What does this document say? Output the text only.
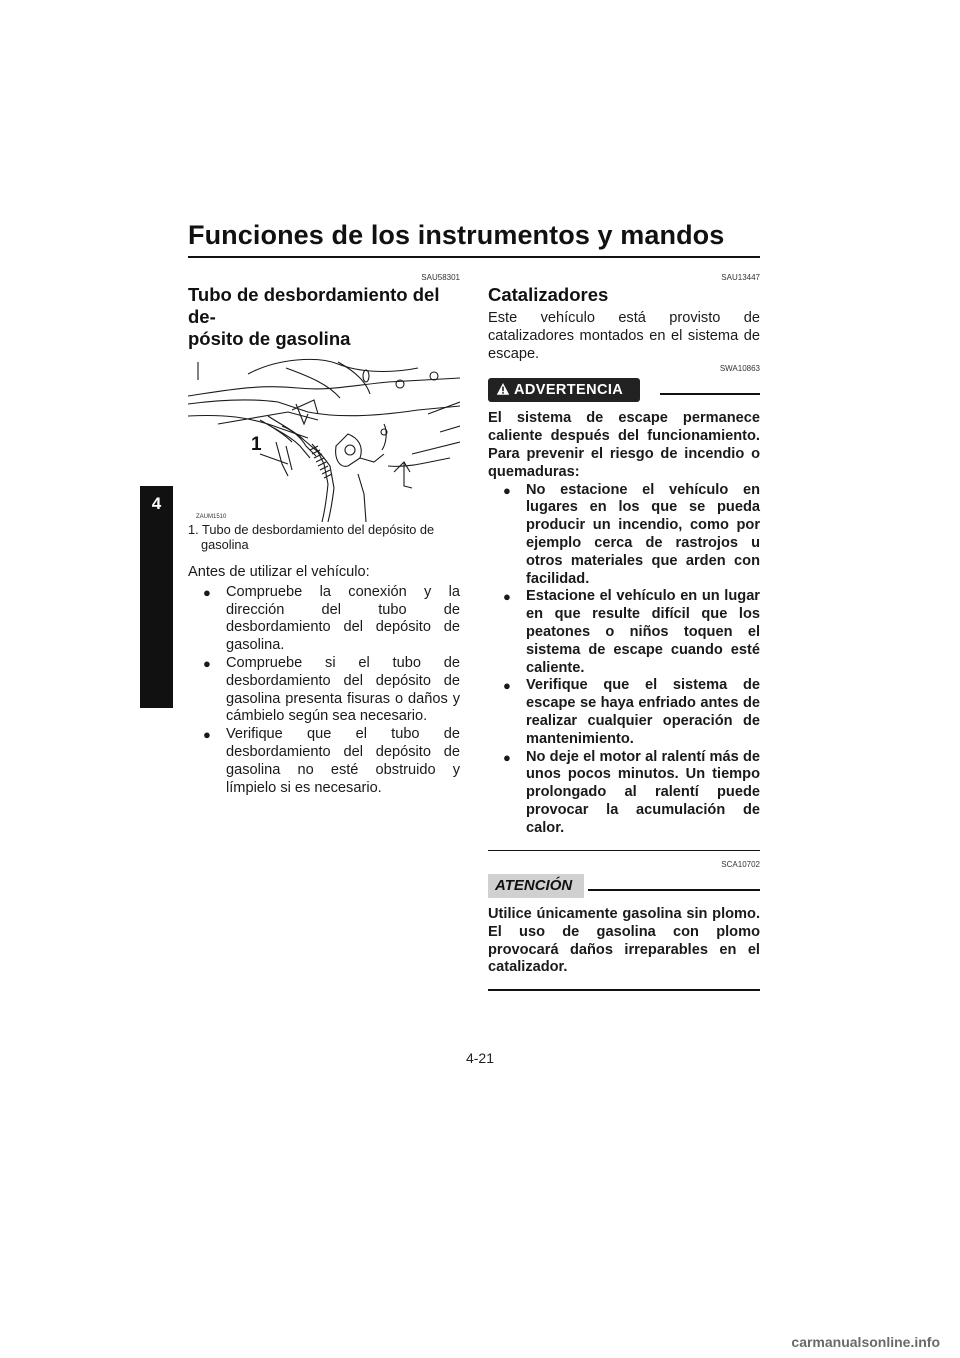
Funciones de los instrumentos y mandos
4
SAU58301
Tubo de desbordamiento del de-
pósito de gasolina
1
ZAUM1510
1. Tubo de desbordamiento del depósito de gasolina

Antes de utilizar el vehículo:

● Compruebe la conexión y la dirección del tubo de desbordamiento del depósito de gasolina.
● Compruebe si el tubo de desbordamiento del depósito de gasolina presenta fisuras o daños y cámbielo según sea necesario.
● Verifique que el tubo de desbordamiento del depósito de gasolina no esté obstruido y límpielo si es necesario.
SAU13447
Catalizadores

Este vehículo está provisto de catalizadores montados en el sistema de escape.

SWA10863
ADVERTENCIA

El sistema de escape permanece caliente después del funcionamiento. Para prevenir el riesgo de incendio o quemaduras:

● No estacione el vehículo en lugares en los que se pueda producir un incendio, como por ejemplo cerca de rastrojos u otros materiales que arden con facilidad.
● Estacione el vehículo en un lugar en que resulte difícil que los peatones o niños toquen el sistema de escape cuando esté caliente.
● Verifique que el sistema de escape se haya enfriado antes de realizar cualquier operación de mantenimiento.
● No deje el motor al ralentí más de unos pocos minutos. Un tiempo prolongado al ralentí puede provocar la acumulación de calor.
SCA10702
ATENCIÓN

Utilice únicamente gasolina sin plomo. El uso de gasolina con plomo provocará daños irreparables en el catalizador.

4-21
carmanualsonline.info
